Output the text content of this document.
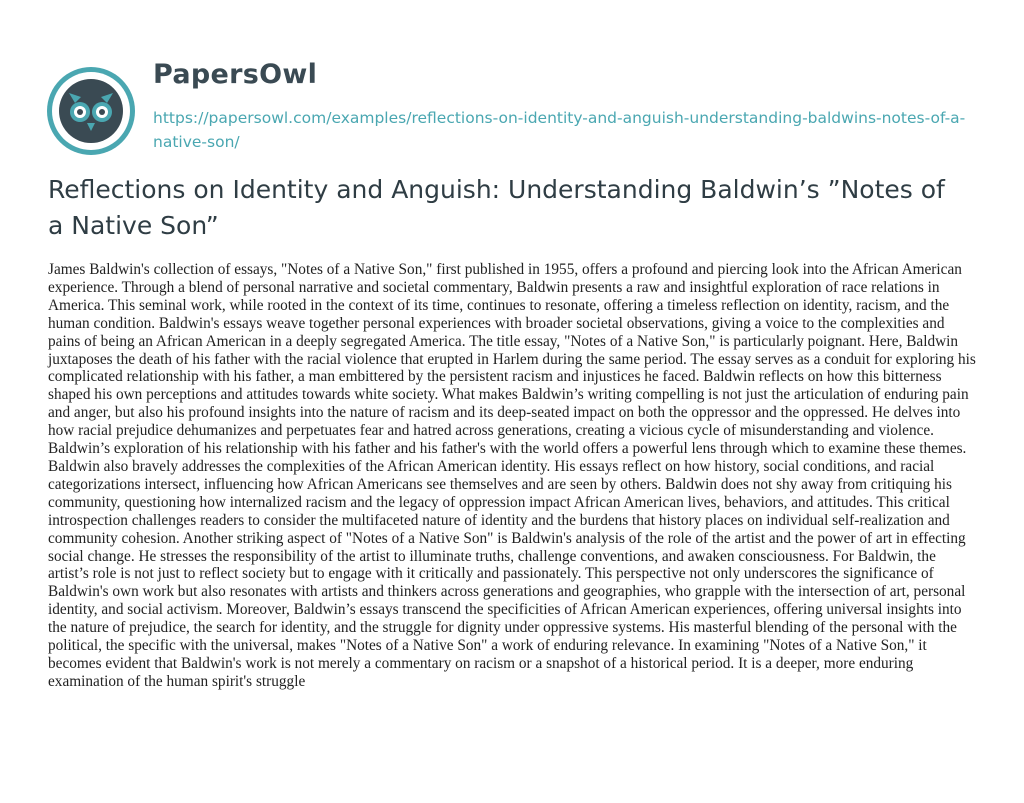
PapersOwl
https://papersowl.com/examples/reflections-on-identity-and-anguish-understanding-baldwins-notes-of-a-native-son/
Reflections on Identity and Anguish: Understanding Baldwin’s ”Notes of a Native Son”

James Baldwin's collection of essays, "Notes of a Native Son," first published in 1955, offers a profound and piercing look into the African American experience. Through a blend of personal narrative and societal commentary, Baldwin presents a raw and insightful exploration of race relations in America. This seminal work, while rooted in the context of its time, continues to resonate, offering a timeless reflection on identity, racism, and the human condition. Baldwin's essays weave together personal experiences with broader societal observations, giving a voice to the complexities and pains of being an African American in a deeply segregated America. The title essay, "Notes of a Native Son," is particularly poignant. Here, Baldwin juxtaposes the death of his father with the racial violence that erupted in Harlem during the same period. The essay serves as a conduit for exploring his complicated relationship with his father, a man embittered by the persistent racism and injustices he faced. Baldwin reflects on how this bitterness shaped his own perceptions and attitudes towards white society. What makes Baldwin’s writing compelling is not just the articulation of enduring pain and anger, but also his profound insights into the nature of racism and its deep-seated impact on both the oppressor and the oppressed. He delves into how racial prejudice dehumanizes and perpetuates fear and hatred across generations, creating a vicious cycle of misunderstanding and violence. Baldwin’s exploration of his relationship with his father and his father's with the world offers a powerful lens through which to examine these themes. Baldwin also bravely addresses the complexities of the African American identity. His essays reflect on how history, social conditions, and racial categorizations intersect, influencing how African Americans see themselves and are seen by others. Baldwin does not shy away from critiquing his community, questioning how internalized racism and the legacy of oppression impact African American lives, behaviors, and attitudes. This critical introspection challenges readers to consider the multifaceted nature of identity and the burdens that history places on individual self-realization and community cohesion. Another striking aspect of "Notes of a Native Son" is Baldwin's analysis of the role of the artist and the power of art in effecting social change. He stresses the responsibility of the artist to illuminate truths, challenge conventions, and awaken consciousness. For Baldwin, the artist’s role is not just to reflect society but to engage with it critically and passionately. This perspective not only underscores the significance of Baldwin's own work but also resonates with artists and thinkers across generations and geographies, who grapple with the intersection of art, personal identity, and social activism. Moreover, Baldwin’s essays transcend the specificities of African American experiences, offering universal insights into the nature of prejudice, the search for identity, and the struggle for dignity under oppressive systems. His masterful blending of the personal with the political, the specific with the universal, makes "Notes of a Native Son" a work of enduring relevance. In examining "Notes of a Native Son," it becomes evident that Baldwin's work is not merely a commentary on racism or a snapshot of a historical period. It is a deeper, more enduring examination of the human spirit's struggle
